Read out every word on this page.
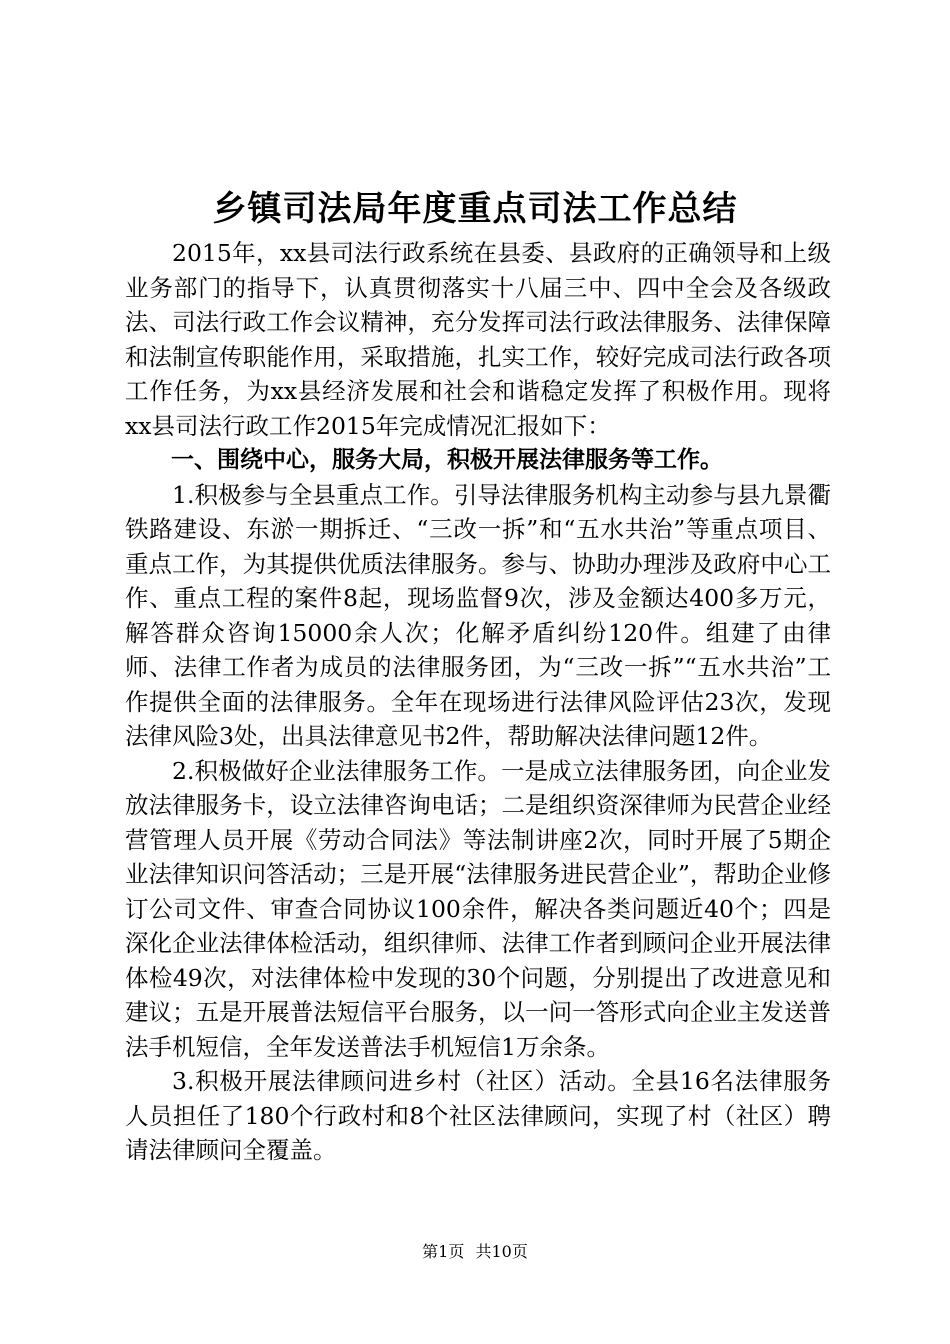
乡镇司法局年度重点司法工作总结

2015年，xx县司法行政系统在县委、县政府的正确领导和上级业务部门的指导下，认真贯彻落实十八届三中、四中全会及各级政法、司法行政工作会议精神，充分发挥司法行政法律服务、法律保障和法制宣传职能作用，采取措施，扎实工作，较好完成司法行政各项工作任务，为xx县经济发展和社会和谐稳定发挥了积极作用。现将xx县司法行政工作2015年完成情况汇报如下：

一、围绕中心，服务大局，积极开展法律服务等工作。

1.积极参与全县重点工作。引导法律服务机构主动参与县九景衢铁路建设、东淤一期拆迁、“三改一拆”和“五水共治”等重点项目、重点工作，为其提供优质法律服务。参与、协助办理涉及政府中心工作、重点工程的案件8起，现场监督9次，涉及金额达400多万元，解答群众咨询15000余人次；化解矛盾纠纷120件。组建了由律师、法律工作者为成员的法律服务团，为“三改一拆”“五水共治”工作提供全面的法律服务。全年在现场进行法律风险评估23次，发现法律风险3处，出具法律意见书2件，帮助解决法律问题12件。

2.积极做好企业法律服务工作。一是成立法律服务团，向企业发放法律服务卡，设立法律咨询电话；二是组织资深律师为民营企业经营管理人员开展《劳动合同法》等法制讲座2次，同时开展了5期企业法律知识问答活动；三是开展“法律服务进民营企业”，帮助企业修订公司文件、审查合同协议100余件，解决各类问题近40个；四是深化企业法律体检活动，组织律师、法律工作者到顾问企业开展法律体检49次，对法律体检中发现的30个问题，分别提出了改进意见和建议；五是开展普法短信平台服务，以一问一答形式向企业主发送普法手机短信，全年发送普法手机短信1万余条。

3.积极开展法律顾问进乡村（社区）活动。全县16名法律服务人员担任了180个行政村和8个社区法律顾问，实现了村（社区）聘请法律顾问全覆盖。

第1页 共10页
